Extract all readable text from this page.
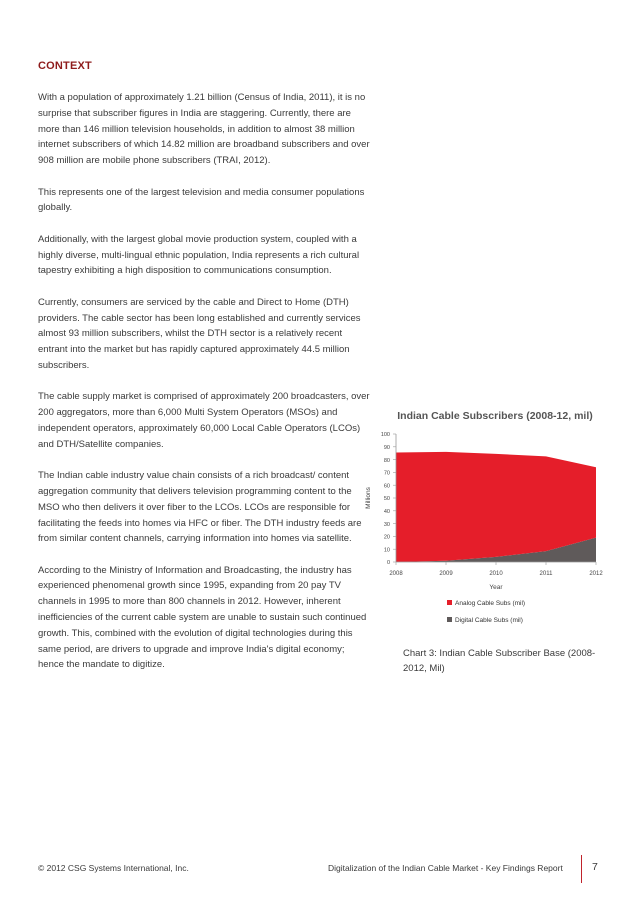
CONTEXT

With a population of approximately 1.21 billion (Census of India, 2011), it is no surprise that subscriber figures in India are staggering. Currently, there are more than 146 million television households, in addition to almost 38 million internet subscribers of which 14.82 million are broadband subscribers and over 908 million are mobile phone subscribers (TRAI, 2012).

This represents one of the largest television and media consumer populations globally.

Additionally, with the largest global movie production system, coupled with a highly diverse, multi-lingual ethnic population, India represents a rich cultural tapestry exhibiting a high disposition to communications consumption.

Currently, consumers are serviced by the cable and Direct to Home (DTH) providers. The cable sector has been long established and currently services almost 93 million subscribers, whilst the DTH sector is a relatively recent entrant into the market but has rapidly captured approximately 44.5 million subscribers.

The cable supply market is comprised of approximately 200 broadcasters, over 200 aggregators, more than 6,000 Multi System Operators (MSOs) and independent operators, approximately 60,000 Local Cable Operators (LCOs) and DTH/Satellite companies.

The Indian cable industry value chain consists of a rich broadcast/ content aggregation community that delivers television programming content to the MSO who then delivers it over fiber to the LCOs. LCOs are responsible for facilitating the feeds into homes via HFC or fiber. The DTH industry feeds are from similar content channels, carrying information into homes via satellite.

According to the Ministry of Information and Broadcasting, the industry has experienced phenomenal growth since 1995, expanding from 20 pay TV channels in 1995 to more than 800 channels in 2012. However, inherent inefficiencies of the current cable system are unable to sustain such continued growth. This, combined with the evolution of digital technologies during this same period, are drivers to upgrade and improve India's digital economy; hence the mandate to digitize.

Indian Cable Subscribers (2008-12, mil)
0
10
20
30
40
50
60
70
80
90
100
2008	2009	2010	2011	2012
Year
Millions
Analog Cable Subs (mil)
Digital Cable Subs (mil)
Chart 3: Indian Cable Subscriber Base (2008-2012, Mil)
© 2012 CSG Systems International, Inc.	Digitalization of the Indian Cable Market - Key Findings Report	7
